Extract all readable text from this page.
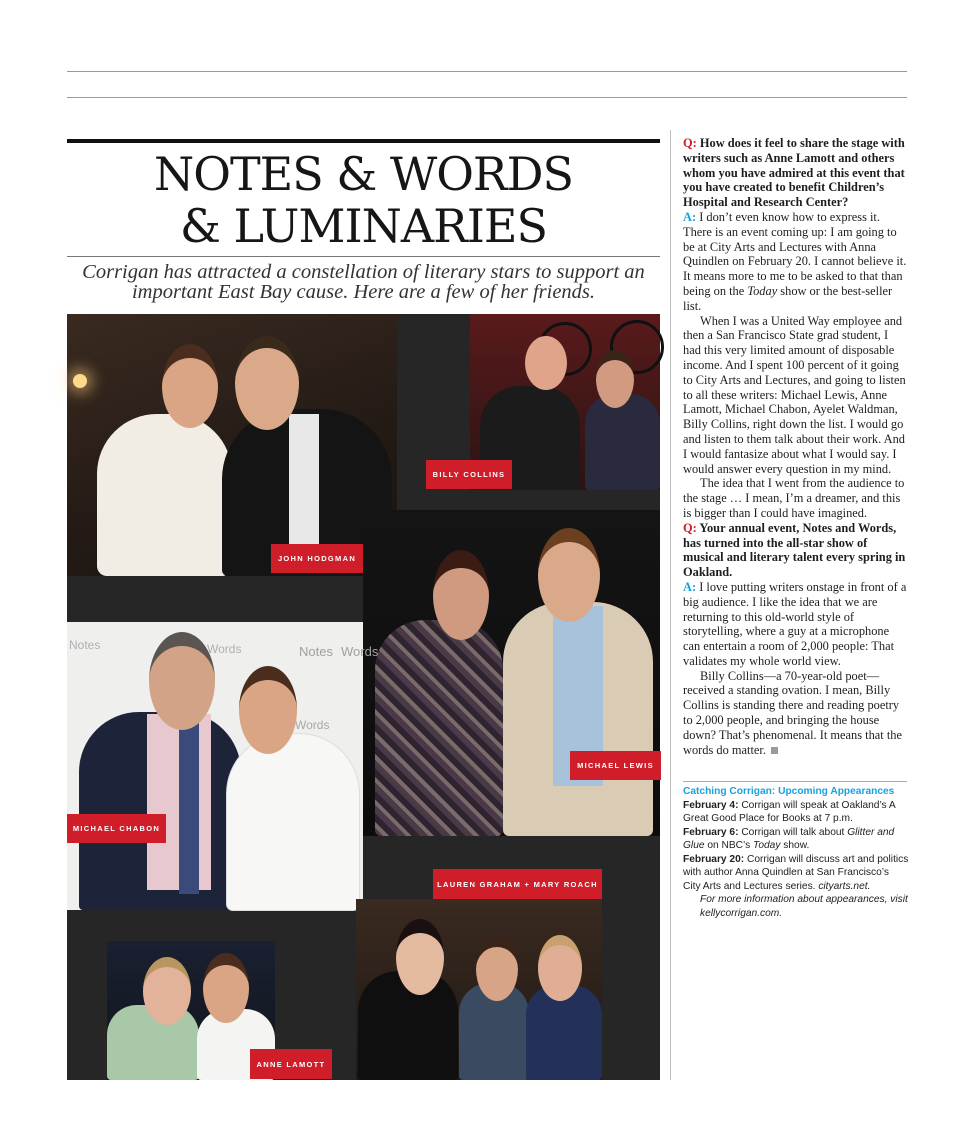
NOTES & WORDS
& LUMINARIES
Corrigan has attracted a constellation of literary stars to support an important East Bay cause. Here are a few of her friends.
JOHN HODGMAN
BILLY COLLINS
MICHAEL LEWIS
Notes	Words	Notes Words
Words
MICHAEL CHABON
LAUREN GRAHAM + MARY ROACH
ANNE LAMOTT

Q: How does it feel to share the stage with writers such as Anne Lamott and others whom you have admired at this event that you have created to benefit Children’s Hospital and Research Center?

A: I don’t even know how to express it. There is an event coming up: I am going to be at City Arts and Lectures with Anna Quindlen on February 20. I cannot believe it. It means more to me to be asked to that than being on the Today show or the best-seller list.

When I was a United Way employee and then a San Francisco State grad student, I had this very limited amount of disposable income. And I spent 100 percent of it going to City Arts and Lectures, and going to listen to all these writers: Michael Lewis, Anne Lamott, Michael Chabon, Ayelet Waldman, Billy Collins, right down the list. I would go and listen to them talk about their work. And I would fantasize about what I would say. I would answer every question in my mind.

The idea that I went from the audience to the stage … I mean, I’m a dreamer, and this is bigger than I could have imagined.

Q: Your annual event, Notes and Words, has turned into the all-star show of musical and literary talent every spring in Oakland.

A: I love putting writers onstage in front of a big audience. I like the idea that we are returning to this old-world style of storytelling, where a guy at a microphone can entertain a room of 2,000 people: That validates my whole world view.

Billy Collins—a 70-year-old poet—received a standing ovation. I mean, Billy Collins is standing there and reading poetry to 2,000 people, and bringing the house down? That’s phenomenal. It means that the words do matter.

Catching Corrigan: Upcoming Appearances

February 4: Corrigan will speak at Oakland’s A Great Good Place for Books at 7 p.m.

February 6: Corrigan will talk about Glitter and Glue on NBC’s Today show.

February 20: Corrigan will discuss art and politics with author Anna Quindlen at San Francisco’s City Arts and Lectures series. cityarts.net.

For more information about appearances, visit kellycorrigan.com.
